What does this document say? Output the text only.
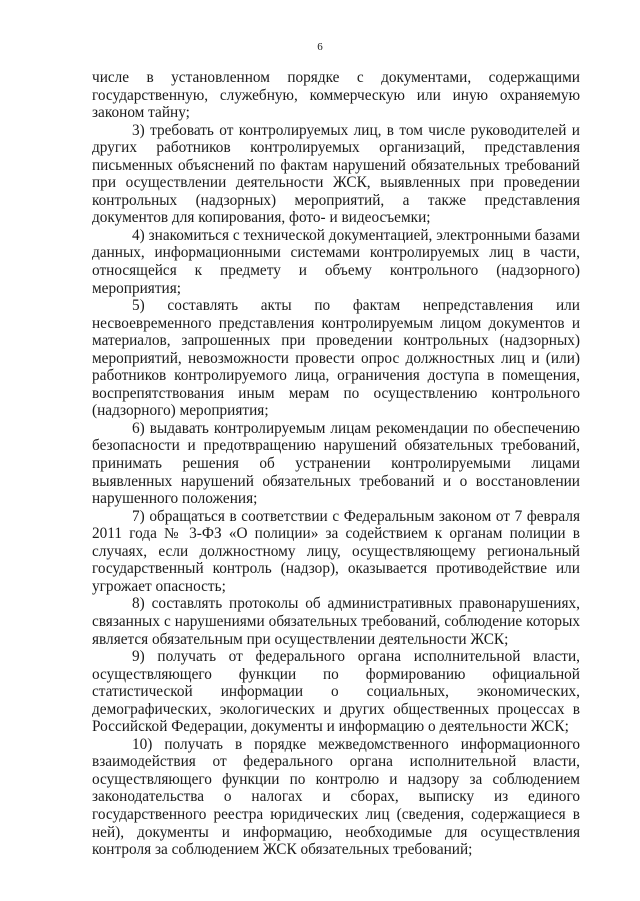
6

числе в установленном порядке с документами, содержащими государственную, служебную, коммерческую или иную охраняемую законом тайну;

3) требовать от контролируемых лиц, в том числе руководителей и других работников контролируемых организаций, представления письменных объяснений по фактам нарушений обязательных требований при осуществлении деятельности ЖСК, выявленных при проведении контрольных (надзорных) мероприятий, а также представления документов для копирования, фото- и видеосъемки;

4) знакомиться с технической документацией, электронными базами данных, информационными системами контролируемых лиц в части, относящейся к предмету и объему контрольного (надзорного) мероприятия;

5) составлять акты по фактам непредставления или несвоевременного представления контролируемым лицом документов и материалов, запрошенных при проведении контрольных (надзорных) мероприятий, невозможности провести опрос должностных лиц и (или) работников контролируемого лица, ограничения доступа в помещения, воспрепятствования иным мерам по осуществлению контрольного (надзорного) мероприятия;

6) выдавать контролируемым лицам рекомендации по обеспечению безопасности и предотвращению нарушений обязательных требований, принимать решения об устранении контролируемыми лицами выявленных нарушений обязательных требований и о восстановлении нарушенного положения;

7) обращаться в соответствии с Федеральным законом от 7 февраля 2011 года № 3-ФЗ «О полиции» за содействием к органам полиции в случаях, если должностному лицу, осуществляющему региональный государственный контроль (надзор), оказывается противодействие или угрожает опасность;

8) составлять протоколы об административных правонарушениях, связанных с нарушениями обязательных требований, соблюдение которых является обязательным при осуществлении деятельности ЖСК;

9) получать от федерального органа исполнительной власти, осуществляющего функции по формированию официальной статистической информации о социальных, экономических, демографических, экологических и других общественных процессах в Российской Федерации, документы и информацию о деятельности ЖСК;

10) получать в порядке межведомственного информационного взаимодействия от федерального органа исполнительной власти, осуществляющего функции по контролю и надзору за соблюдением законодательства о налогах и сборах, выписку из единого государственного реестра юридических лиц (сведения, содержащиеся в ней), документы и информацию, необходимые для осуществления контроля за соблюдением ЖСК обязательных требований;
